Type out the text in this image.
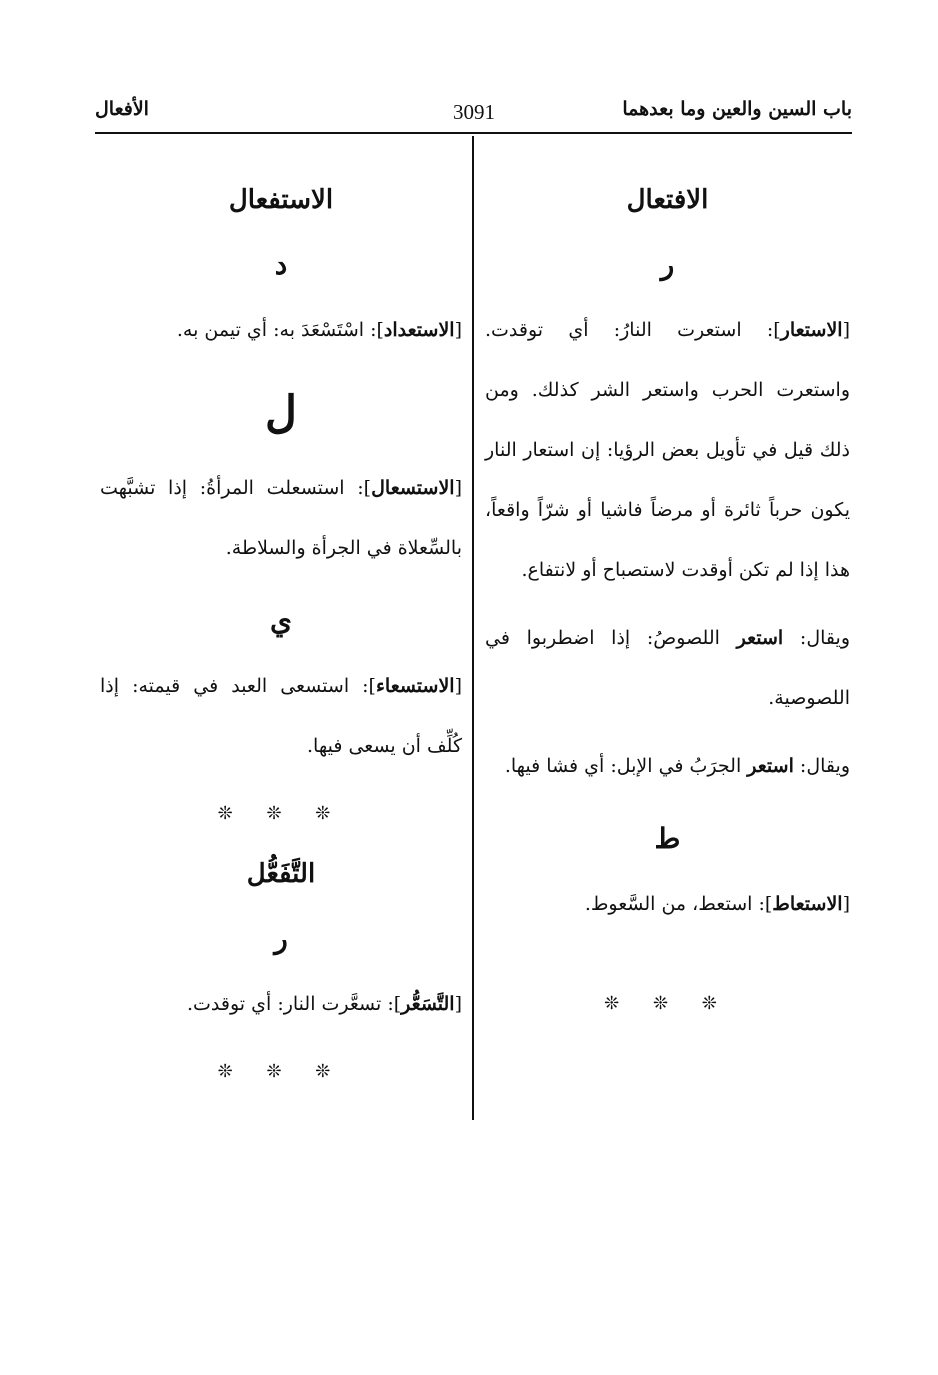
باب السين والعين وما بعدهما
3091
الأفعال

الافتعال

ر

[الاستعار]: استعرت النارُ: أي توقدت. واستعرت الحرب واستعر الشر كذلك. ومن ذلك قيل في تأويل بعض الرؤيا: إن استعار النار يكون حرباً ثائرة أو مرضاً فاشيا أو شرّاً واقعاً، هذا إذا لم تكن أوقدت لاستصباح أو لانتفاع.

ويقال: استعر اللصوصُ: إذا اضطربوا في اللصوصية.

ويقال: استعر الجرَبُ في الإبل: أي فشا فيها.

ط

[الاستعاط]: استعط، من السَّعوط.

❊ ❊ ❊

الاستفعال

د

[الاستعداد]: اسْتَسْعَدَ به: أي تيمن به.

ل

[الاستسعال]: استسعلت المرأةُ: إذا تشبَّهت بالسِّعلاة في الجرأة والسلاطة.

ي

[الاستسعاء]: استسعى العبد في قيمته: إذا كُلِّف أن يسعى فيها.

❊ ❊ ❊

التَّفَعُّل

ر

[التَّسَعُّر]: تسعَّرت النار: أي توقدت.

❊ ❊ ❊
